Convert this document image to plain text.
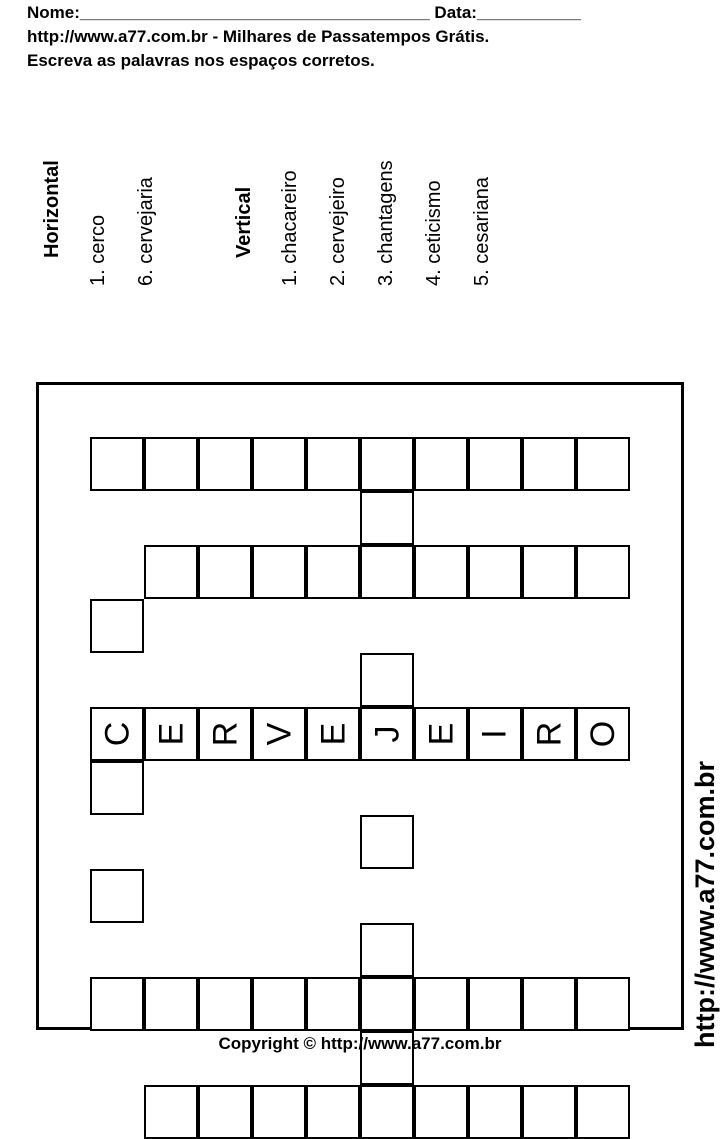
Nome:_____________________________________ Data:___________
http://www.a77.com.br - Milhares de Passatempos Grátis.
Escreva as palavras nos espaços corretos.
Horizontal 1. cerco 6. cervejaria	Vertical 1. chacareiro 2. cervejeiro 3. chantagens 4. ceticismo 5. cesariana
C E R V E J E I R O
http://www.a77.com.br
Copyright © http://www.a77.com.br
